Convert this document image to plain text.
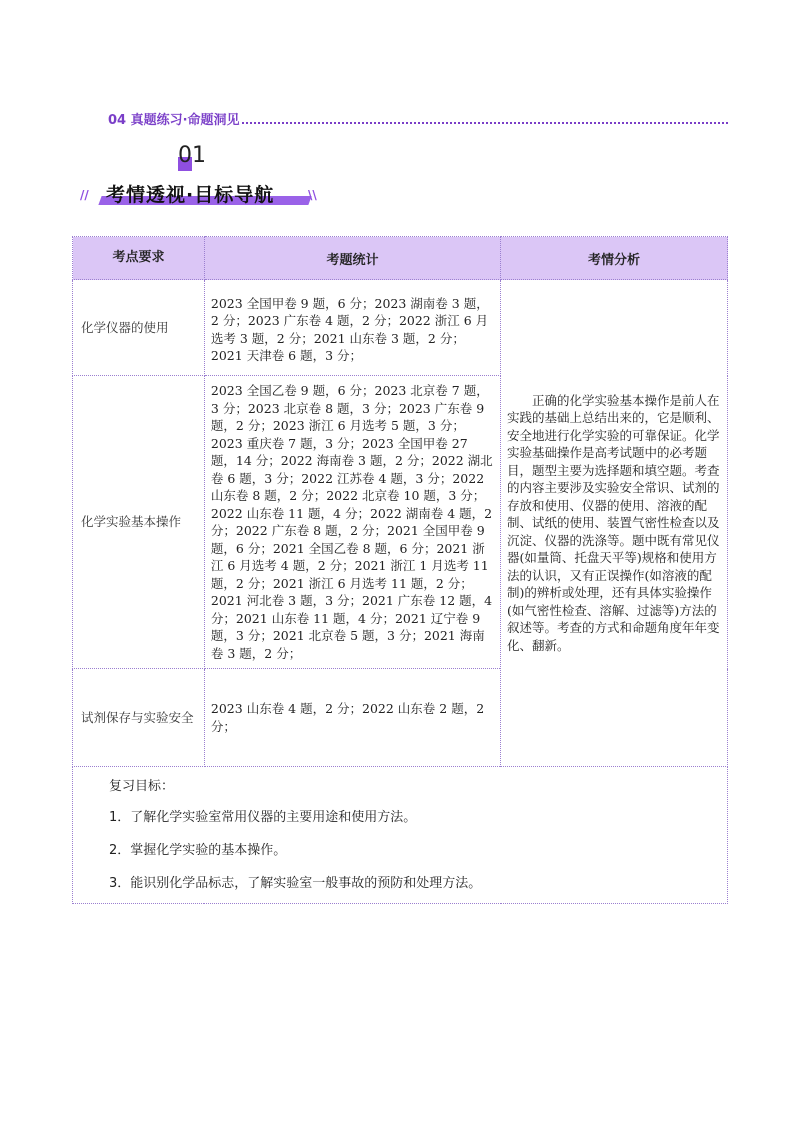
04 真题练习·命题洞见
01
// 考情透视·目标导航	\\
考点要求	考题统计	考情分析
化学仪器的使用	2023 全国甲卷 9 题，6 分；2023 湖南卷 3 题，2 分；2023 广东卷 4 题，2 分；2022 浙江 6 月选考 3 题，2 分；2021 山东卷 3 题，2 分；2021 天津卷 6 题，3 分；	正确的化学实验基本操作是前人在实践的基础上总结出来的，它是顺利、安全地进行化学实验的可靠保证。化学实验基础操作是高考试题中的必考题目，题型主要为选择题和填空题。考查的内容主要涉及实验安全常识、试剂的存放和使用、仪器的使用、溶液的配制、试纸的使用、装置气密性检查以及沉淀、仪器的洗涤等。题中既有常见仪器(如量筒、托盘天平等)规格和使用方法的认识，又有正误操作(如溶液的配制)的辨析或处理，还有具体实验操作(如气密性检查、溶解、过滤等)方法的叙述等。考查的方式和命题角度年年变化、翻新。
化学实验基本操作	2023 全国乙卷 9 题，6 分；2023 北京卷 7 题，3 分；2023 北京卷 8 题，3 分；2023 广东卷 9 题，2 分；2023 浙江 6 月选考 5 题，3 分；2023 重庆卷 7 题，3 分；2023 全国甲卷 27 题，14 分；2022 海南卷 3 题，2 分；2022 湖北卷 6 题，3 分；2022 江苏卷 4 题，3 分；2022 山东卷 8 题，2 分；2022 北京卷 10 题，3 分；2022 山东卷 11 题，4 分；2022 湖南卷 4 题，2 分；2022 广东卷 8 题，2 分；2021 全国甲卷 9 题，6 分；2021 全国乙卷 8 题，6 分；2021 浙江 6 月选考 4 题，2 分；2021 浙江 1 月选考 11 题，2 分；2021 浙江 6 月选考 11 题，2 分；2021 河北卷 3 题，3 分；2021 广东卷 12 题，4 分；2021 山东卷 11 题，4 分；2021 辽宁卷 9 题，3 分；2021 北京卷 5 题，3 分；2021 海南卷 3 题，2 分；	
试剂保存与实验安全	2023 山东卷 4 题，2 分；2022 山东卷 2 题，2 分；	

复习目标：
1．了解化学实验室常用仪器的主要用途和使用方法。
2．掌握化学实验的基本操作。
3．能识别化学品标志，了解实验室一般事故的预防和处理方法。		
